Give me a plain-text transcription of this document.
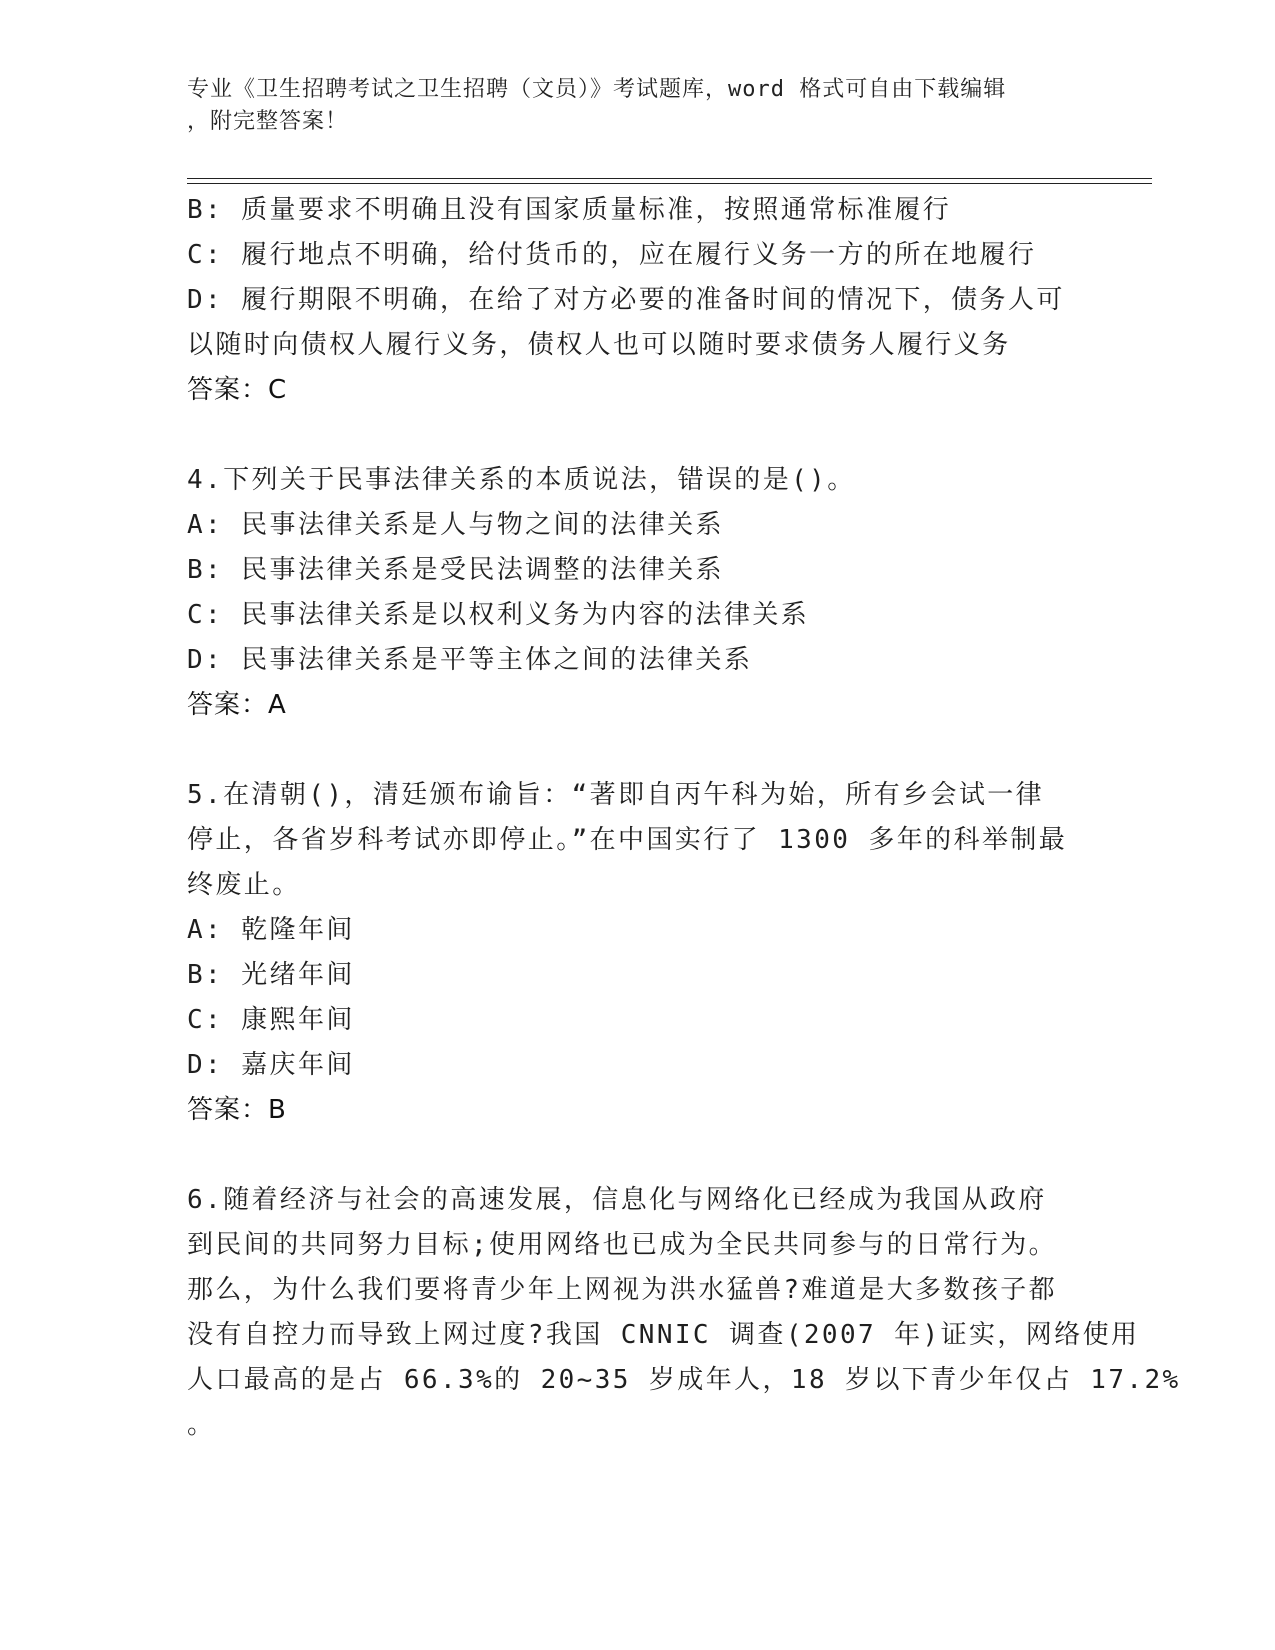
专业《卫生招聘考试之卫生招聘（文员）》考试题库，word 格式可自由下载编辑
，附完整答案！
B: 质量要求不明确且没有国家质量标准，按照通常标准履行
C: 履行地点不明确，给付货币的，应在履行义务一方的所在地履行
D: 履行期限不明确，在给了对方必要的准备时间的情况下，债务人可
以随时向债权人履行义务，债权人也可以随时要求债务人履行义务
答案：C
4.下列关于民事法律关系的本质说法，错误的是()。
A: 民事法律关系是人与物之间的法律关系
B: 民事法律关系是受民法调整的法律关系
C: 民事法律关系是以权利义务为内容的法律关系
D: 民事法律关系是平等主体之间的法律关系
答案：A
5.在清朝()，清廷颁布谕旨：“著即自丙午科为始，所有乡会试一律
停止，各省岁科考试亦即停止。”在中国实行了 1300 多年的科举制最
终废止。
A: 乾隆年间
B: 光绪年间
C: 康熙年间
D: 嘉庆年间
答案：B
6.随着经济与社会的高速发展，信息化与网络化已经成为我国从政府
到民间的共同努力目标;使用网络也已成为全民共同参与的日常行为。
那么，为什么我们要将青少年上网视为洪水猛兽?难道是大多数孩子都
没有自控力而导致上网过度?我国 CNNIC 调查(2007 年)证实，网络使用
人口最高的是占 66.3%的 20~35 岁成年人，18 岁以下青少年仅占 17.2%
。
